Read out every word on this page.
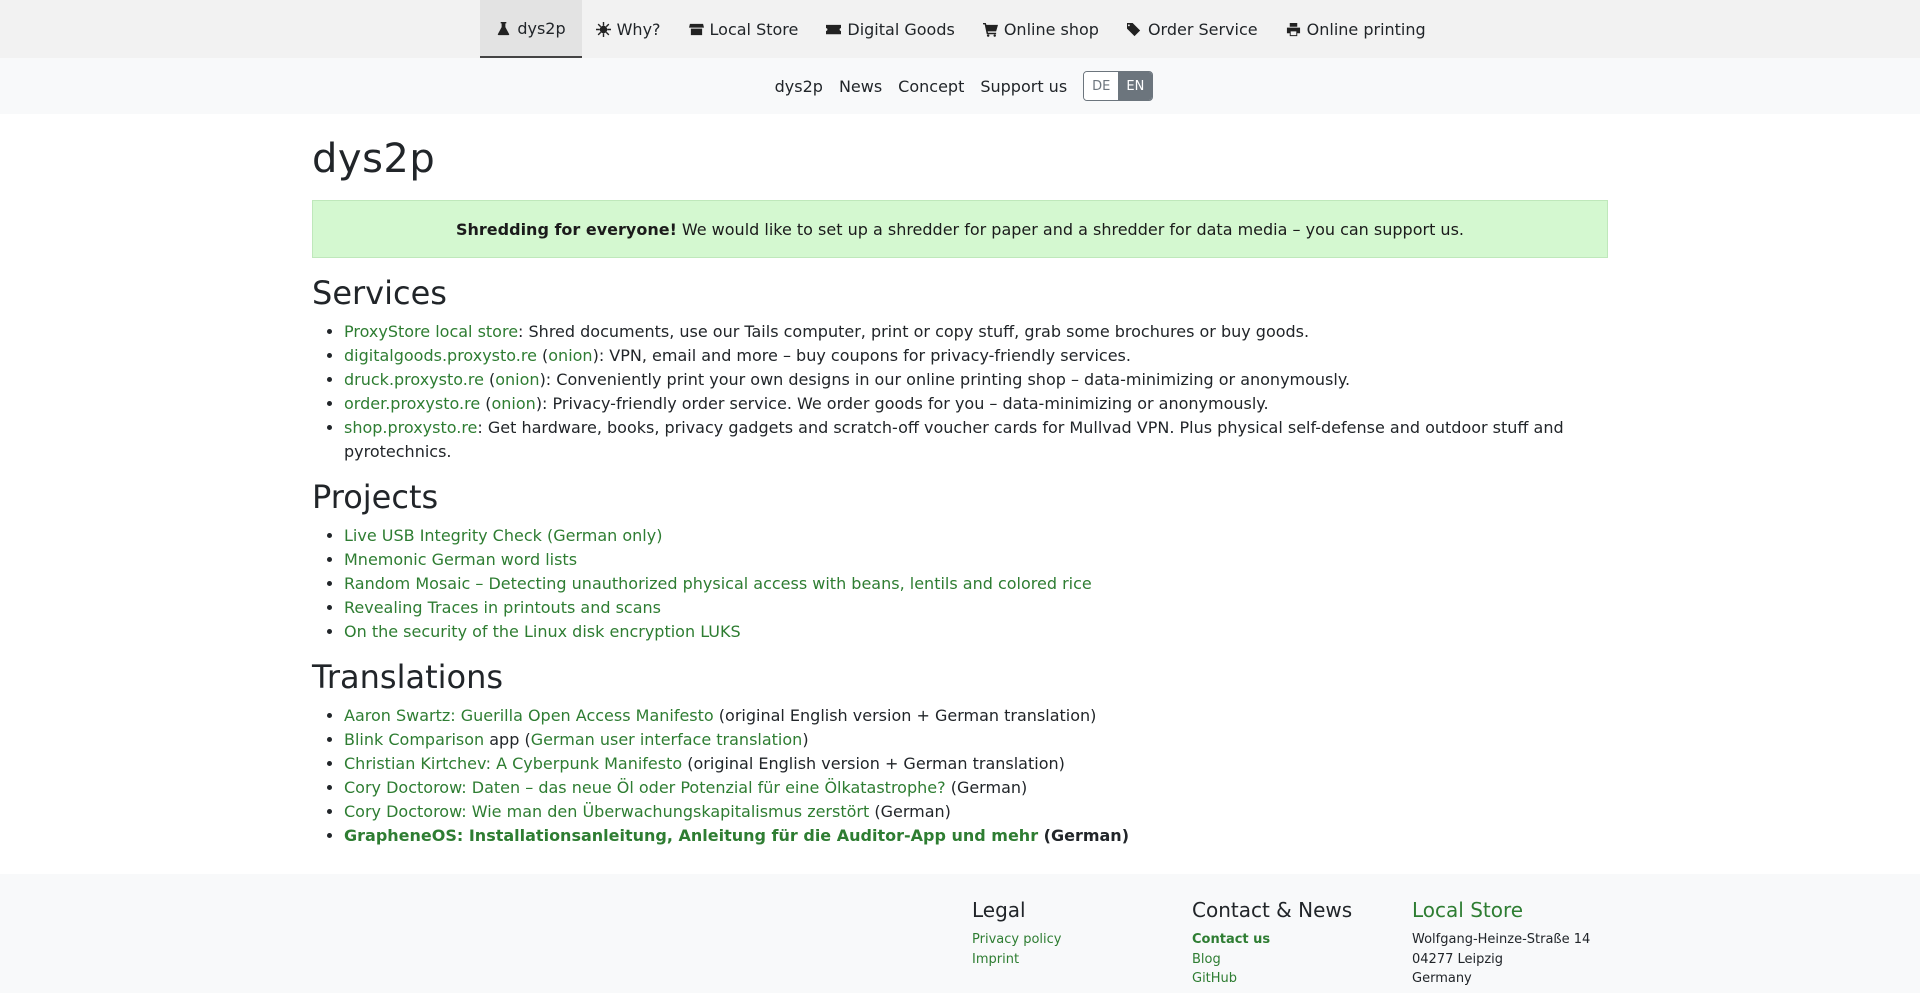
dys2p	Why?	Local Store	Digital Goods	Online shop	Order Service	Online printing
dys2p	News	Concept	Support us	DE	EN
dys2p
Shredding for everyone! We would like to set up a shredder for paper and a shredder for data media – you can support us.
Services
• ProxyStore local store: Shred documents, use our Tails computer, print or copy stuff, grab some brochures or buy goods.
• digitalgoods.proxysto.re (onion): VPN, email and more – buy coupons for privacy-friendly services.
• druck.proxysto.re (onion): Conveniently print your own designs in our online printing shop – data-minimizing or anonymously.
• order.proxysto.re (onion): Privacy-friendly order service. We order goods for you – data-minimizing or anonymously.
• shop.proxysto.re: Get hardware, books, privacy gadgets and scratch-off voucher cards for Mullvad VPN. Plus physical self-defense and outdoor stuff and pyrotechnics.
Projects
• Live USB Integrity Check (German only)
• Mnemonic German word lists
• Random Mosaic – Detecting unauthorized physical access with beans, lentils and colored rice
• Revealing Traces in printouts and scans
• On the security of the Linux disk encryption LUKS
Translations
• Aaron Swartz: Guerilla Open Access Manifesto (original English version + German translation)
• Blink Comparison app (German user interface translation)
• Christian Kirtchev: A Cyberpunk Manifesto (original English version + German translation)
• Cory Doctorow: Daten – das neue Öl oder Potenzial für eine Ölkatastrophe? (German)
• Cory Doctorow: Wie man den Überwachungskapitalismus zerstört (German)
• GrapheneOS: Installationsanleitung, Anleitung für die Auditor-App und mehr (German)
Legal
Privacy policy
Imprint
Contact & News
Contact us
Blog
GitHub
Local Store
Wolfgang-Heinze-Straße 14
04277 Leipzig
Germany
